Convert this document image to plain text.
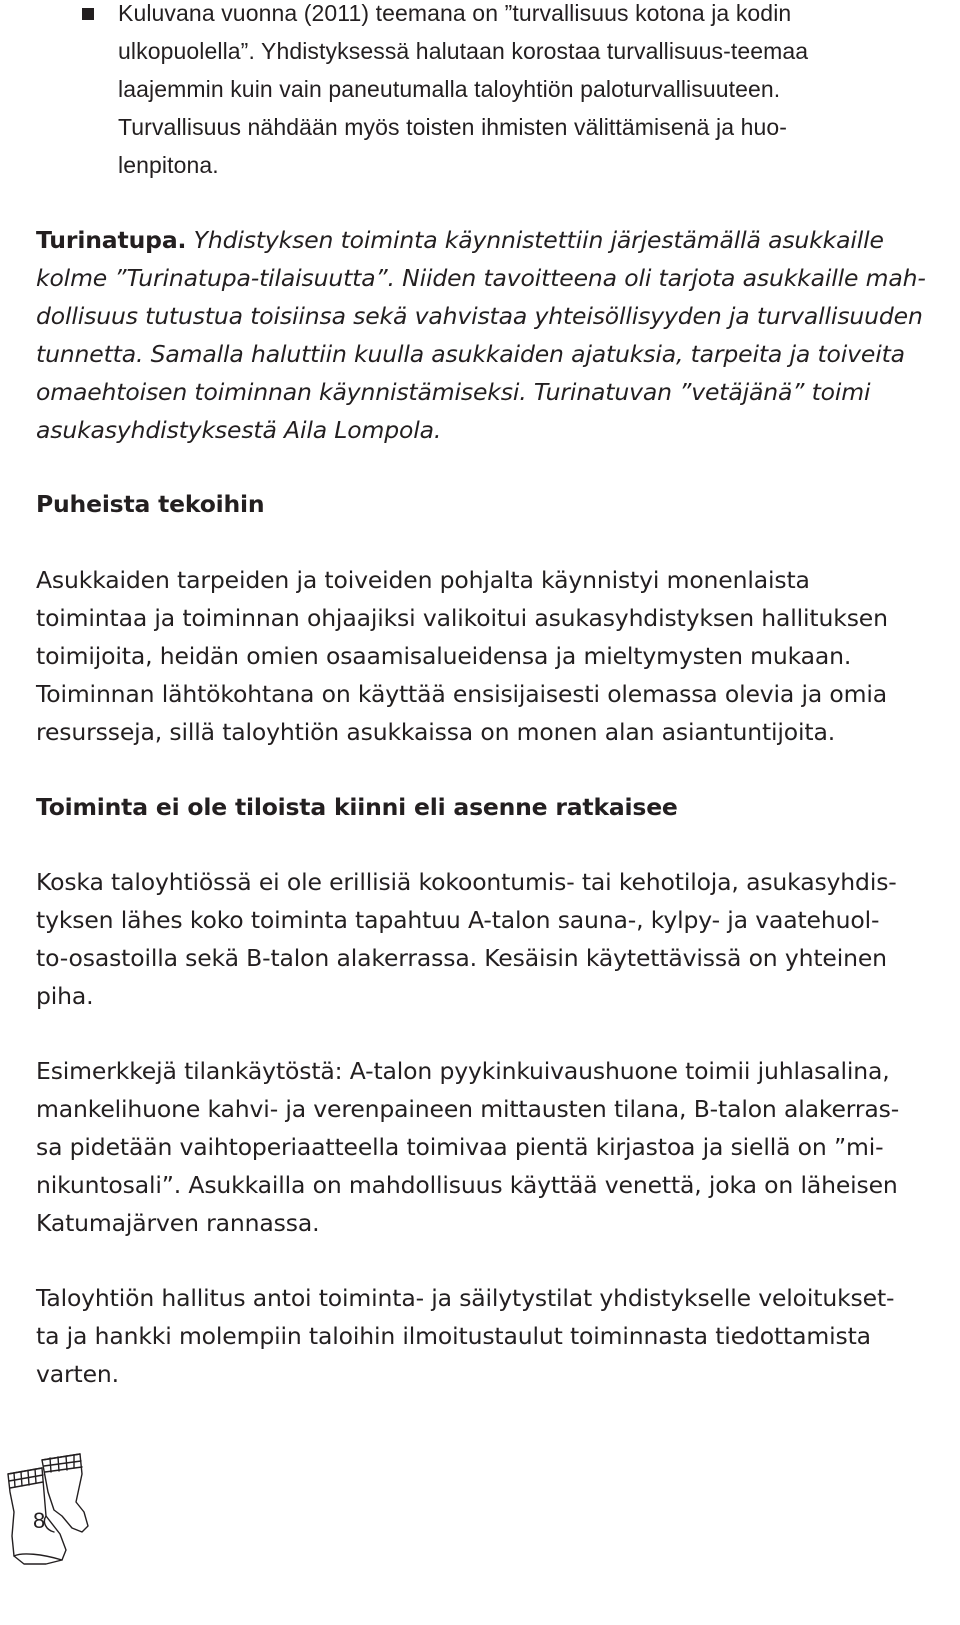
Kuluvana vuonna (2011) teemana on ”turvallisuus kotona ja kodin
ulkopuolella”. Yhdistyksessä halutaan korostaa turvallisuus-teemaa
laajemmin kuin vain paneutumalla taloyhtiön paloturvallisuuteen.
Turvallisuus nähdään myös toisten ihmisten välittämisenä ja huo-
lenpitona.
Turinatupa. Yhdistyksen toiminta käynnistettiin järjestämällä asukkaille
kolme ”Turinatupa-tilaisuutta”. Niiden tavoitteena oli tarjota asukkaille mah-
dollisuus tutustua toisiinsa sekä vahvistaa yhteisöllisyyden ja turvallisuuden
tunnetta. Samalla haluttiin kuulla asukkaiden ajatuksia, tarpeita ja toiveita
omaehtoisen toiminnan käynnistämiseksi. Turinatuvan ”vetäjänä” toimi
asukasyhdistyksestä Aila Lompola.
Puheista tekoihin
Asukkaiden tarpeiden ja toiveiden pohjalta käynnistyi monenlaista
toimintaa ja toiminnan ohjaajiksi valikoitui asukasyhdistyksen hallituksen
toimijoita, heidän omien osaamisalueidensa ja mieltymysten mukaan.
Toiminnan lähtökohtana on käyttää ensisijaisesti olemassa olevia ja omia
resursseja, sillä taloyhtiön asukkaissa on monen alan asiantuntijoita.
Toiminta ei ole tiloista kiinni eli asenne ratkaisee
Koska taloyhtiössä ei ole erillisiä kokoontumis- tai kehotiloja, asukasyhdis-
tyksen lähes koko toiminta tapahtuu A-talon sauna-, kylpy- ja vaatehuol-
to-osastoilla sekä B-talon alakerrassa. Kesäisin käytettävissä on yhteinen
piha.
Esimerkkejä tilankäytöstä: A-talon pyykinkuivaushuone toimii juhlasalina,
mankelihuone kahvi- ja verenpaineen mittausten tilana, B-talon alakerras-
sa pidetään vaihtoperiaatteella toimivaa pientä kirjastoa ja siellä on ”mi-
nikuntosali”. Asukkailla on mahdollisuus käyttää venettä, joka on läheisen
Katumajärven rannassa.
Taloyhtiön hallitus antoi toiminta- ja säilytystilat yhdistykselle veloitukset-
ta ja hankki molempiin taloihin ilmoitustaulut toiminnasta tiedottamista
varten.
8
